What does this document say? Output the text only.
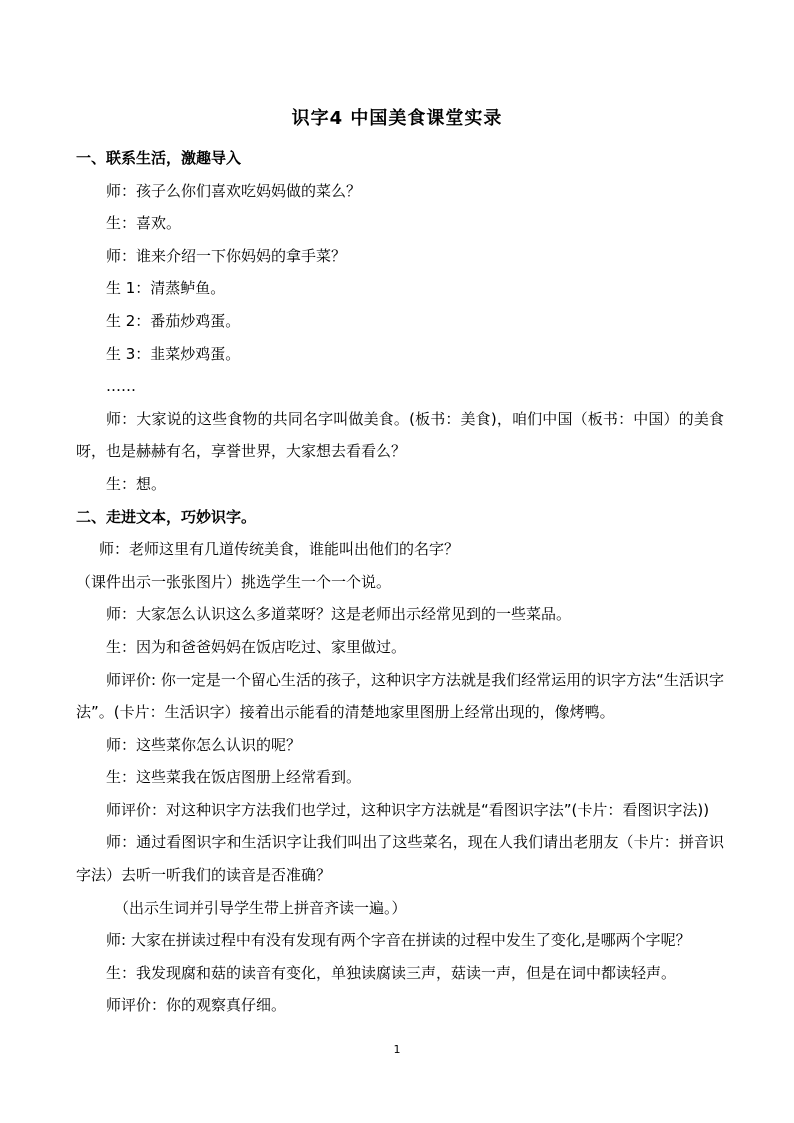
识字4 中国美食课堂实录

一、联系生活，激趣导入

师：孩子么你们喜欢吃妈妈做的菜么？

生：喜欢。

师：谁来介绍一下你妈妈的拿手菜？

生 1：清蒸鲈鱼。

生 2：番茄炒鸡蛋。

生 3：韭菜炒鸡蛋。

……

师：大家说的这些食物的共同名字叫做美食。(板书：美食)，咱们中国（板书：中国）的美食呀，也是赫赫有名，享誉世界，大家想去看看么？

生：想。

二、走进文本，巧妙识字。

师：老师这里有几道传统美食，谁能叫出他们的名字？

（课件出示一张张图片）挑选学生一个一个说。

师：大家怎么认识这么多道菜呀？这是老师出示经常见到的一些菜品。

生：因为和爸爸妈妈在饭店吃过、家里做过。

师评价: 你一定是一个留心生活的孩子，这种识字方法就是我们经常运用的识字方法“生活识字法”。(卡片：生活识字）接着出示能看的清楚地家里图册上经常出现的，像烤鸭。

师：这些菜你怎么认识的呢？

生：这些菜我在饭店图册上经常看到。

师评价：对这种识字方法我们也学过，这种识字方法就是“看图识字法”(卡片：看图识字法))

师：通过看图识字和生活识字让我们叫出了这些菜名，现在人我们请出老朋友（卡片：拼音识字法）去听一听我们的读音是否准确？

（出示生词并引导学生带上拼音齐读一遍。）

师: 大家在拼读过程中有没有发现有两个字音在拼读的过程中发生了变化,是哪两个字呢？

生：我发现腐和菇的读音有变化，单独读腐读三声，菇读一声，但是在词中都读轻声。

师评价：你的观察真仔细。

1
